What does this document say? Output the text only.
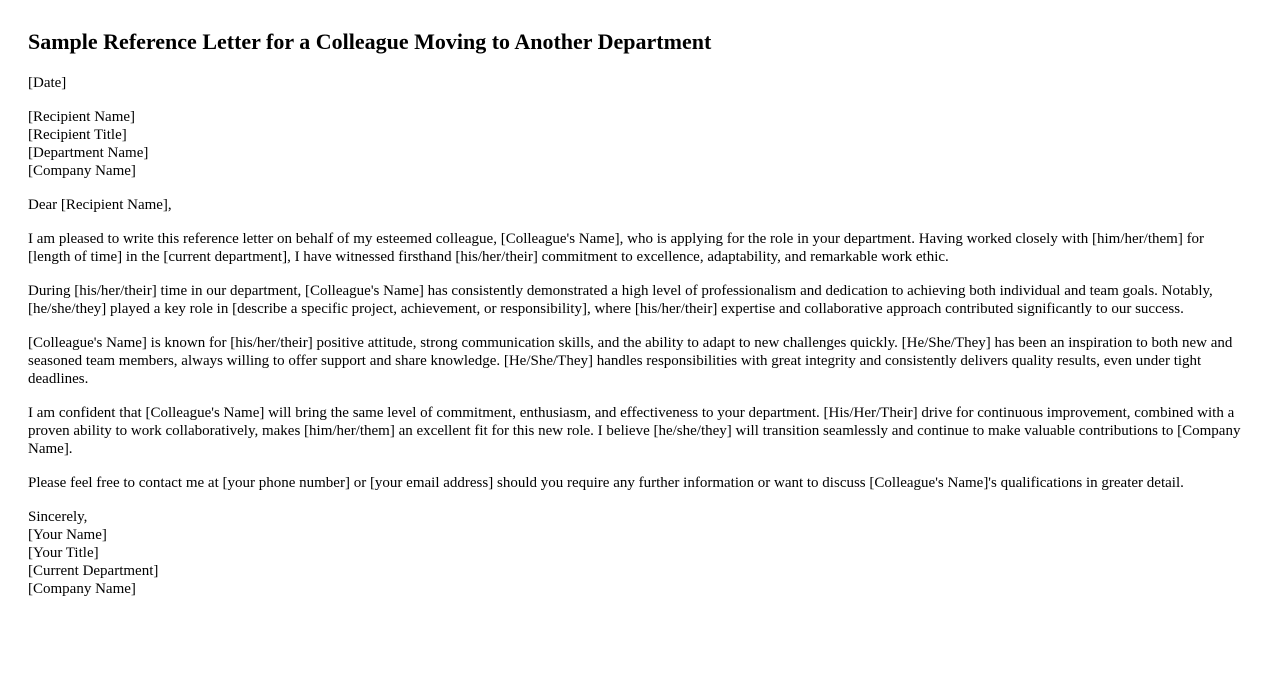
Sample Reference Letter for a Colleague Moving to Another Department

[Date]

[Recipient Name]
[Recipient Title]
[Department Name]
[Company Name]

Dear [Recipient Name],

I am pleased to write this reference letter on behalf of my esteemed colleague, [Colleague's Name], who is applying for the role in your department. Having worked closely with [him/her/them] for [length of time] in the [current department], I have witnessed firsthand [his/her/their] commitment to excellence, adaptability, and remarkable work ethic.

During [his/her/their] time in our department, [Colleague's Name] has consistently demonstrated a high level of professionalism and dedication to achieving both individual and team goals. Notably, [he/she/they] played a key role in [describe a specific project, achievement, or responsibility], where [his/her/their] expertise and collaborative approach contributed significantly to our success.

[Colleague's Name] is known for [his/her/their] positive attitude, strong communication skills, and the ability to adapt to new challenges quickly. [He/She/They] has been an inspiration to both new and seasoned team members, always willing to offer support and share knowledge. [He/She/They] handles responsibilities with great integrity and consistently delivers quality results, even under tight deadlines.

I am confident that [Colleague's Name] will bring the same level of commitment, enthusiasm, and effectiveness to your department. [His/Her/Their] drive for continuous improvement, combined with a proven ability to work collaboratively, makes [him/her/them] an excellent fit for this new role. I believe [he/she/they] will transition seamlessly and continue to make valuable contributions to [Company Name].

Please feel free to contact me at [your phone number] or [your email address] should you require any further information or want to discuss [Colleague's Name]'s qualifications in greater detail.

Sincerely,
[Your Name]
[Your Title]
[Current Department]
[Company Name]
